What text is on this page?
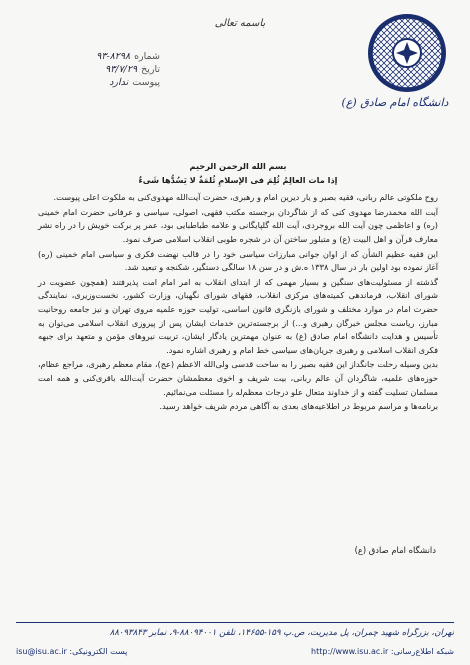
دانشگاه امام صادق (ع)
باسمه تعالی
شماره
۹۳-۸۲۹۸
تاریخ
۹۳/۷/۲۹
پیوست
ندارد

بسم الله الرحمن الرحیم

إذا مات العالِمُ ثُلِمَ فی الإسلامِ ثُلمَةٌ لا یَسُدُّها شَیءٌ

روح ملکوتی عالم ربانی، فقیه بصیر و یار دیرین امام و رهبری، حضرت آیت‌الله مهدوی‌کنی به ملکوت اعلی پیوست.

آیت الله محمدرضا مهدوی کنی که از شاگردان برجسته مکتب فقهی، اصولی، سیاسی و عرفانی حضرت امام خمینی (ره) و اعاظمی چون آیت الله بروجردی، آیت الله گلپایگانی و علامه طباطبایی بود، عمر پر برکت خویش را در راه نشر معارف قرآن و اهل البیت (ع) و متبلور ساختن آن در شجره طوبی انقلاب اسلامی صرف نمود.

این فقیه عظیم الشأن که از اوان جوانی مبارزات سیاسی خود را در قالب نهضت فکری و سیاسی امام خمینی (ره) آغاز نموده بود اولین بار در سال ۱۳۳۸ ه.ش و در سن ۱۸ سالگی دستگیر، شکنجه و تبعید شد.

گذشته از مسئولیت‌های سنگین و بسیار مهمی که از ابتدای انقلاب به امر امام امت پذیرفتند (همچون عضویت در شورای انقلاب، فرماندهی کمیته‌های مرکزی انقلاب، فقهای شورای نگهبان، وزارت کشور، نخست‌وزیری، نمایندگی حضرت امام در موارد مختلف و شورای بازنگری قانون اساسی، تولیت حوزه علمیه مروی تهران و نیز جامعه روحانیت مبارز، ریاست مجلس خبرگان رهبری و...) از برجسته‌ترین خدمات ایشان پس از پیروزی انقلاب اسلامی می‌توان به تأسیس و هدایت دانشگاه امام صادق (ع) به عنوان مهمترین یادگار ایشان، تربیت نیروهای مؤمن و متعهد برای جبهه فکری انقلاب اسلامی و رهبری جریان‌های سیاسی خط امام و رهبری اشاره نمود.

بدین وسیله رحلت جانگداز این فقیه بصیر را به ساحت قدسی ولی‌الله الاعظم (عج)، مقام معظم رهبری، مراجع عظام، حوزه‌های علمیه، شاگردان آن عالم ربانی، بیت شریف و اخوی معظمشان حضرت آیت‌الله باقری‌کنی و همه امت مسلمان تسلیت گفته و از خداوند متعال علو درجات معظم‌له را مسئلت می‌نمائیم.

برنامه‌ها و مراسم مربوط در اطلاعیه‌های بعدی به آگاهی مردم شریف خواهد رسید.

دانشگاه امام صادق (ع)
تهران، بزرگراه شهید چمران، پل مدیریت، ص.پ ۱۵۹-۱۴۶۵۵، تلفن ۸۸۰۹۴۰۰۱-۹، نمابر ۸۸۰۹۳۸۴۳
شبکه اطلاع‌رسانی: http://www.isu.ac.ir
پست الکترونیکی: isu@isu.ac.ir
